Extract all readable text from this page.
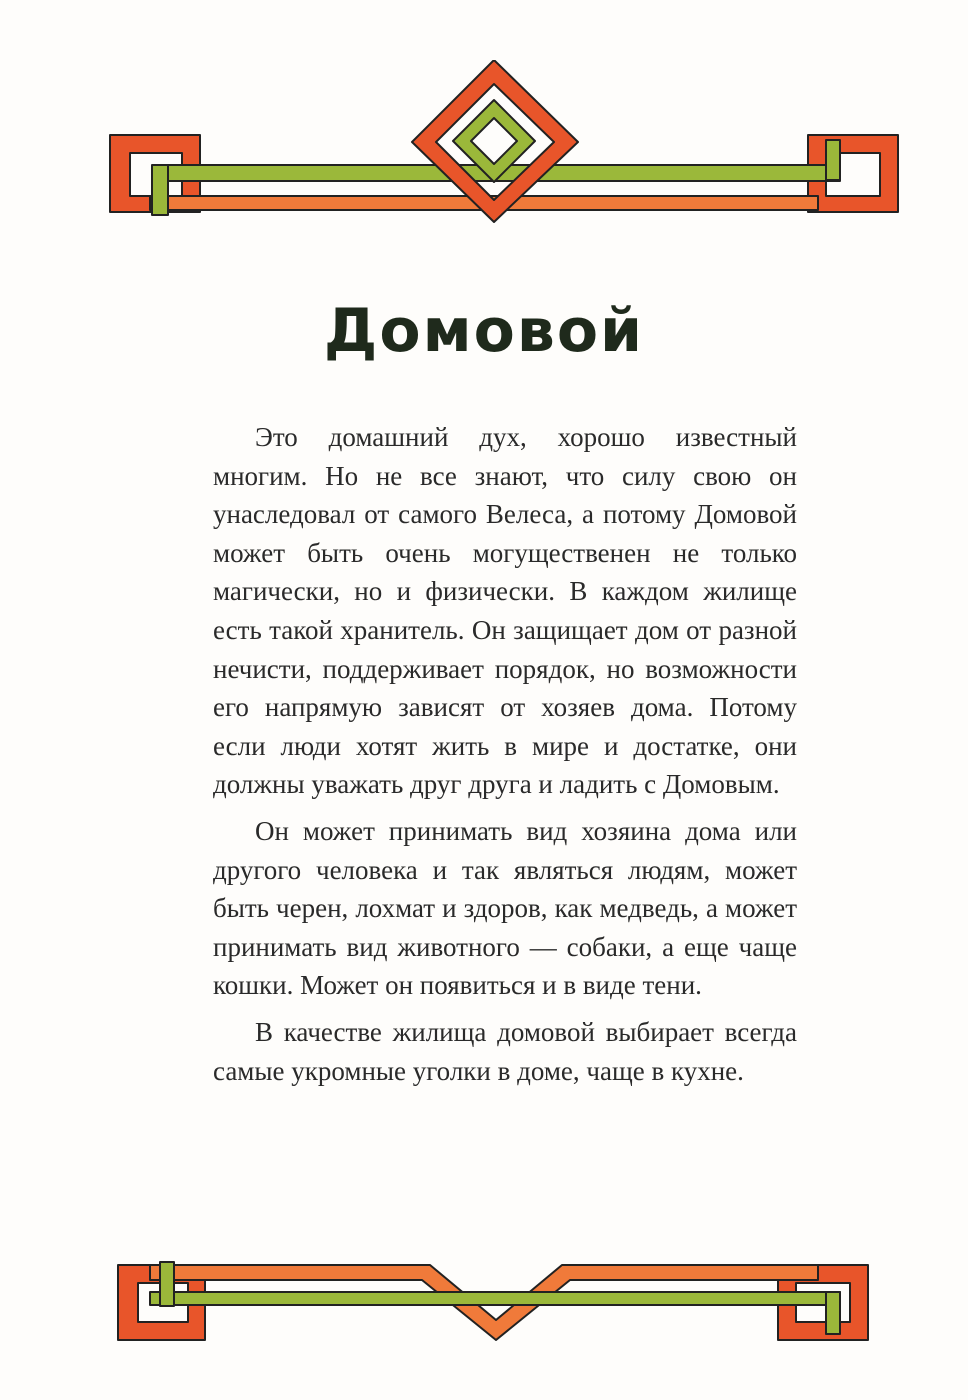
Домовой

Это домашний дух, хорошо известный многим. Но не все знают, что силу свою он унаследовал от самого Велеса, а потому Домовой может быть очень могущественен не только магически, но и физически. В каждом жилище есть такой хранитель. Он защищает дом от разной нечисти, поддерживает порядок, но возможности его напрямую зависят от хозяев дома. Потому если люди хотят жить в мире и достатке, они должны уважать друг друга и ладить с Домовым.

Он может принимать вид хозяина дома или другого человека и так являться людям, может быть черен, лохмат и здоров, как медведь, а может принимать вид животного — собаки, а еще чаще кошки. Может он появиться и в виде тени.

В качестве жилища домовой выбирает всегда самые укромные уголки в доме, чаще в кухне.
